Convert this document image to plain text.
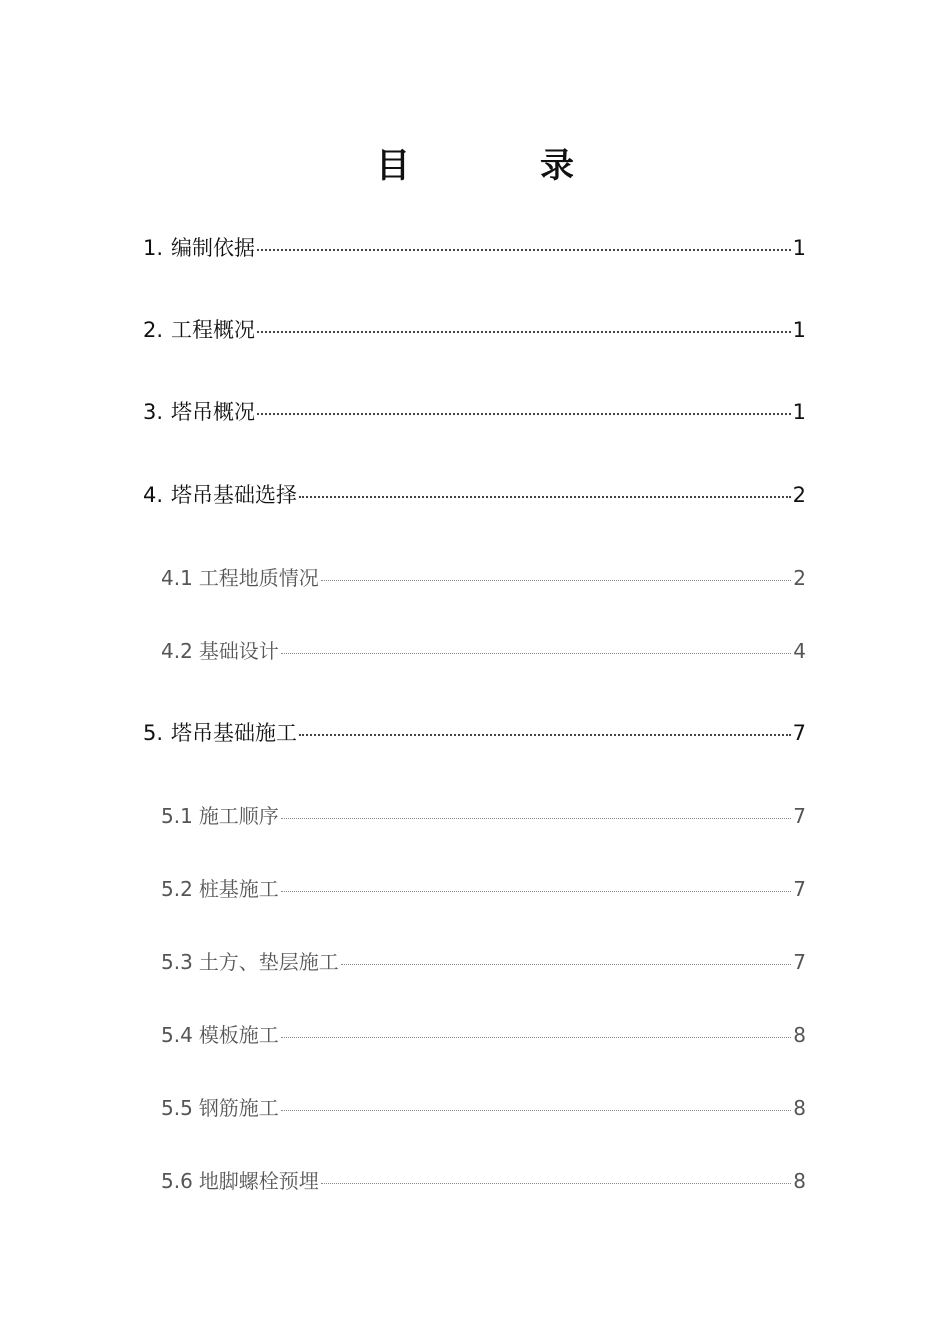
目　录
1. 编制依据	1
2. 工程概况	1
3. 塔吊概况	1
4. 塔吊基础选择	2
4.1 工程地质情况	2
4.2 基础设计	4
5. 塔吊基础施工	7
5.1 施工顺序	7
5.2 桩基施工	7
5.3 土方、垫层施工	7
5.4 模板施工	8
5.5 钢筋施工	8
5.6 地脚螺栓预埋	8
